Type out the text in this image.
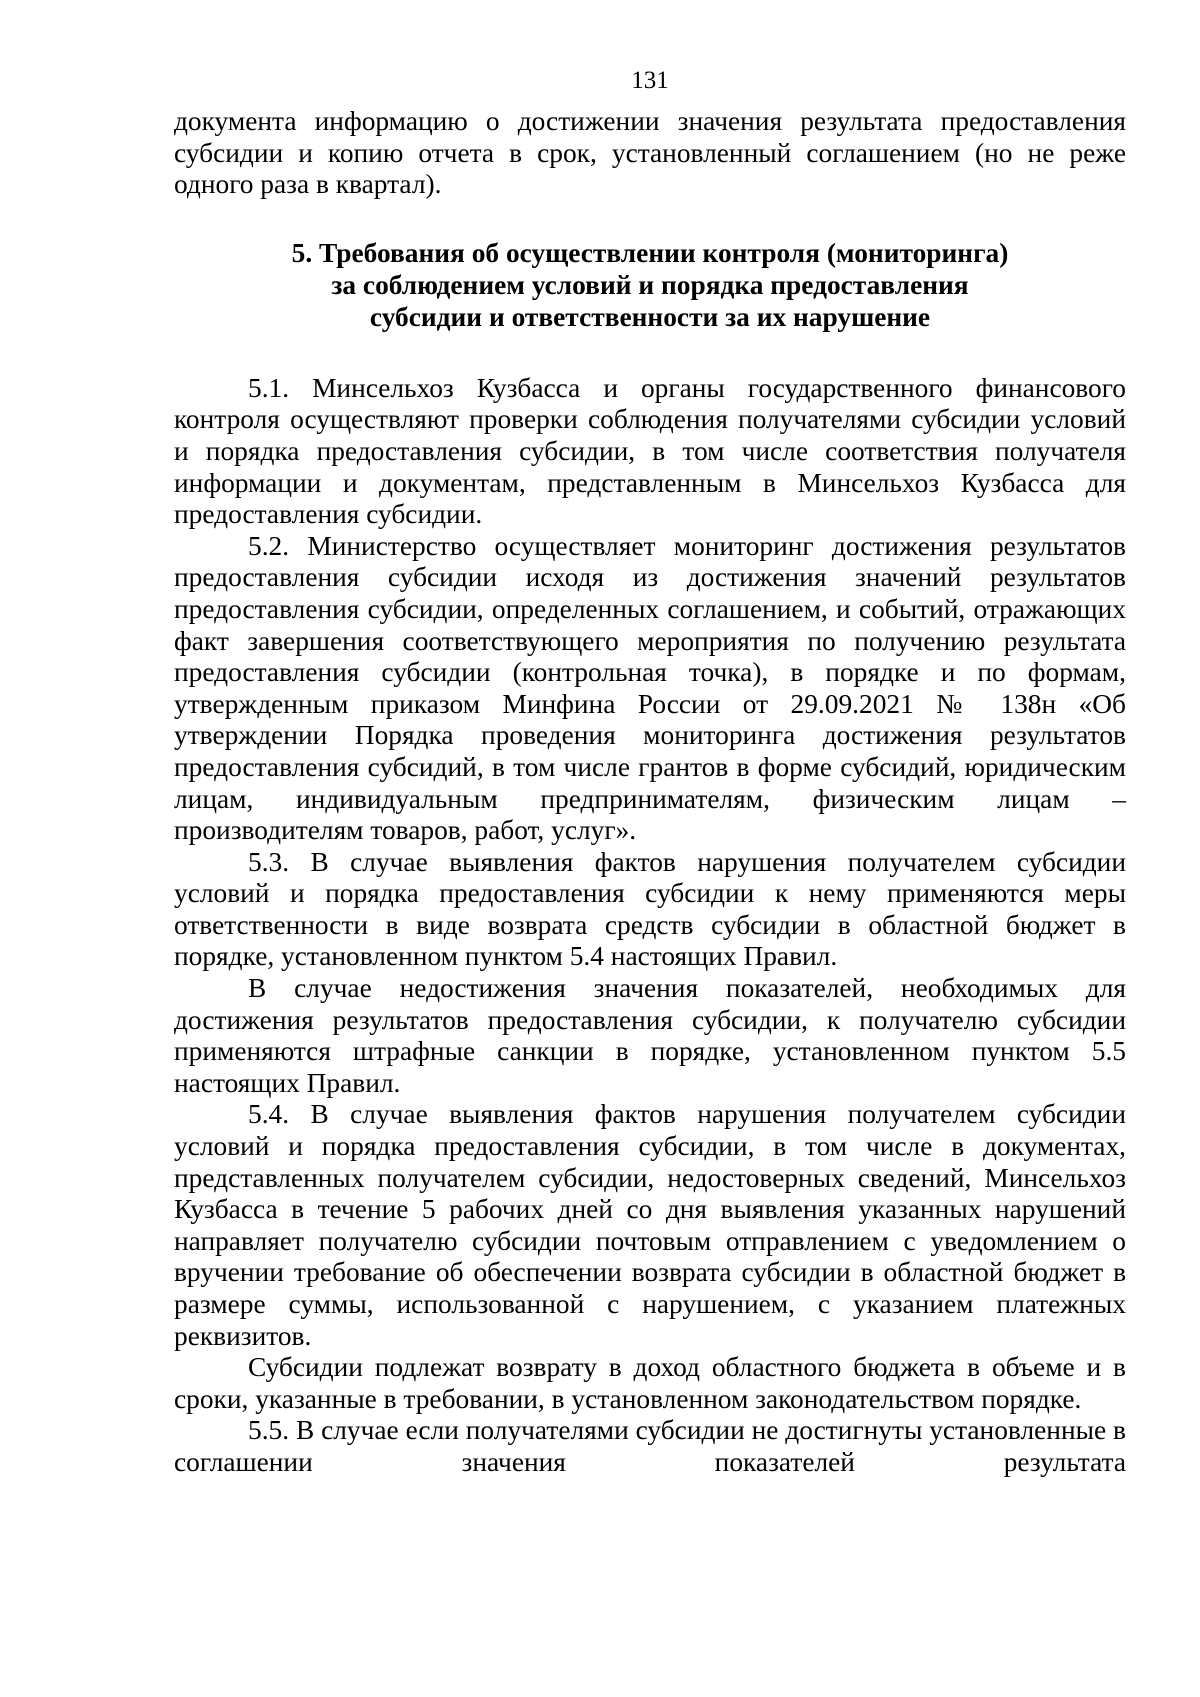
131

документа информацию о достижении значения результата предоставления субсидии и копию отчета в срок, установленный соглашением (но не реже одного раза в квартал).

5. Требования об осуществлении контроля (мониторинга)
за соблюдением условий и порядка предоставления
субсидии и ответственности за их нарушение

5.1. Минсельхоз Кузбасса и органы государственного финансового контроля осуществляют проверки соблюдения получателями субсидии условий и порядка предоставления субсидии, в том числе соответствия получателя информации и документам, представленным в Минсельхоз Кузбасса для предоставления субсидии.

5.2. Министерство осуществляет мониторинг достижения результатов предоставления субсидии исходя из достижения значений результатов предоставления субсидии, определенных соглашением, и событий, отражающих факт завершения соответствующего мероприятия по получению результата предоставления субсидии (контрольная точка), в порядке и по формам, утвержденным приказом Минфина России от 29.09.2021 № 138н «Об утверждении Порядка проведения мониторинга достижения результатов предоставления субсидий, в том числе грантов в форме субсидий, юридическим лицам, индивидуальным предпринимателям, физическим лицам – производителям товаров, работ, услуг».

5.3. В случае выявления фактов нарушения получателем субсидии условий и порядка предоставления субсидии к нему применяются меры ответственности в виде возврата средств субсидии в областной бюджет в порядке, установленном пунктом 5.4 настоящих Правил.

В случае недостижения значения показателей, необходимых для достижения результатов предоставления субсидии, к получателю субсидии применяются штрафные санкции в порядке, установленном пунктом 5.5 настоящих Правил.

5.4. В случае выявления фактов нарушения получателем субсидии условий и порядка предоставления субсидии, в том числе в документах, представленных получателем субсидии, недостоверных сведений, Минсельхоз Кузбасса в течение 5 рабочих дней со дня выявления указанных нарушений направляет получателю субсидии почтовым отправлением с уведомлением о вручении требование об обеспечении возврата субсидии в областной бюджет в размере суммы, использованной с нарушением, с указанием платежных реквизитов.

Субсидии подлежат возврату в доход областного бюджета в объеме и в сроки, указанные в требовании, в установленном законодательством порядке.

5.5. В случае если получателями субсидии не достигнуты установленные в соглашении значения показателей результата
